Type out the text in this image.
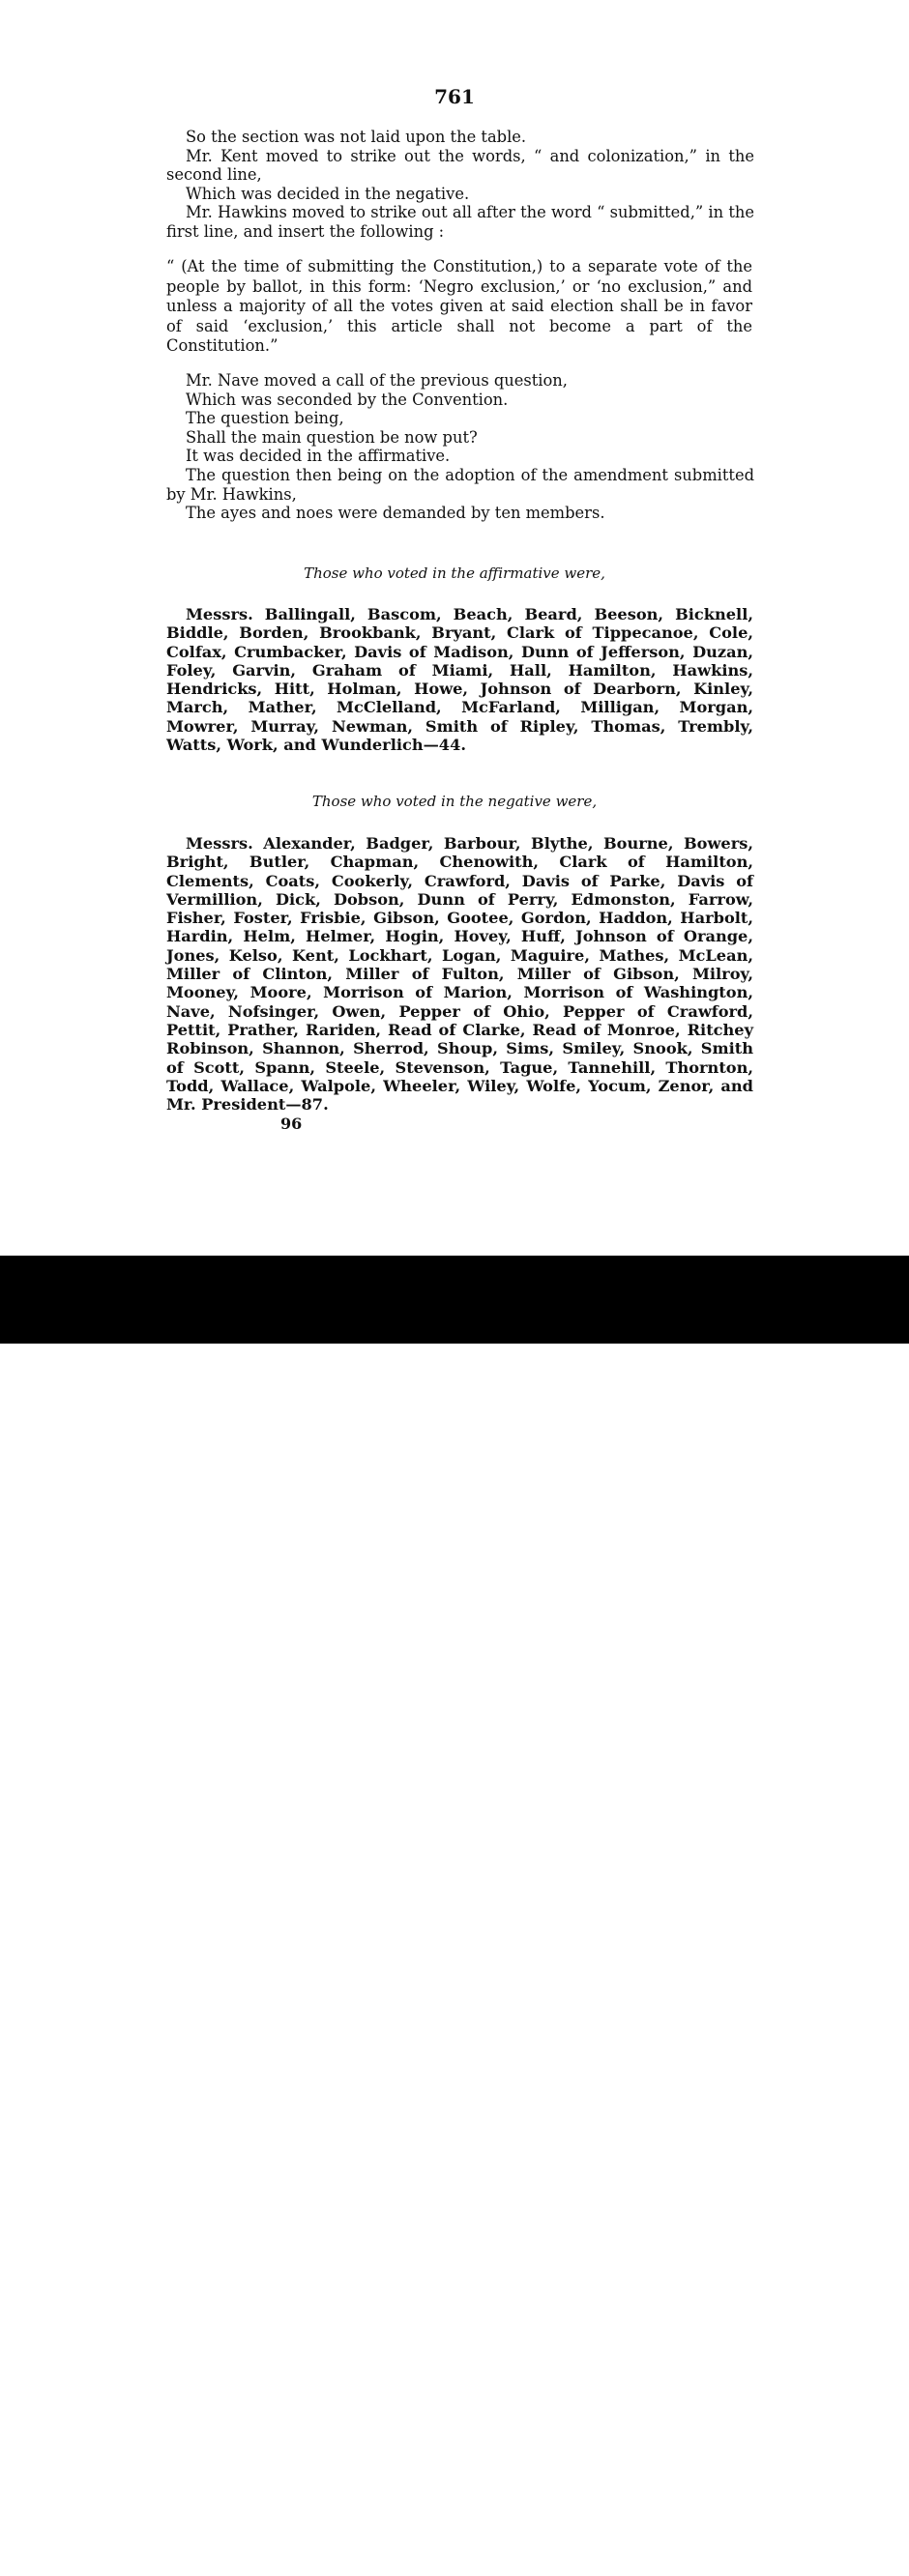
761

So the section was not laid upon the table.

Mr. Kent moved to strike out the words, “ and colonization,” in the second line,

Which was decided in the negative.

Mr. Hawkins moved to strike out all after the word “ submitted,” in the first line, and insert the following :

“ (At the time of submitting the Constitution,) to a separate vote of the people by ballot, in this form: ‘Negro exclusion,’ or ‘no exclusion,” and unless a majority of all the votes given at said election shall be in favor of said ‘exclusion,’ this article shall not become a part of the Constitution.”

Mr. Nave moved a call of the previous question,

Which was seconded by the Convention.

The question being,

Shall the main question be now put?

It was decided in the affirmative.

The question then being on the adoption of the amendment submitted by Mr. Hawkins,

The ayes and noes were demanded by ten members.

Those who voted in the affirmative were,

Messrs. Ballingall, Bascom, Beach, Beard, Beeson, Bicknell, Biddle, Borden, Brookbank, Bryant, Clark of Tippecanoe, Cole, Colfax, Crumbacker, Davis of Madison, Dunn of Jefferson, Duzan, Foley, Garvin, Graham of Miami, Hall, Hamilton, Hawkins, Hendricks, Hitt, Holman, Howe, Johnson of Dearborn, Kinley, March, Mather, McClelland, McFarland, Milligan, Morgan, Mowrer, Murray, Newman, Smith of Ripley, Thomas, Trembly, Watts, Work, and Wunderlich—44.

Those who voted in the negative were,

Messrs. Alexander, Badger, Barbour, Blythe, Bourne, Bowers, Bright, Butler, Chapman, Chenowith, Clark of Hamilton, Clements, Coats, Cookerly, Crawford, Davis of Parke, Davis of Vermillion, Dick, Dobson, Dunn of Perry, Edmonston, Farrow, Fisher, Foster, Frisbie, Gibson, Gootee, Gordon, Haddon, Harbolt, Hardin, Helm, Helmer, Hogin, Hovey, Huff, Johnson of Orange, Jones, Kelso, Kent, Lockhart, Logan, Maguire, Mathes, McLean, Miller of Clinton, Miller of Fulton, Miller of Gibson, Milroy, Mooney, Moore, Morrison of Marion, Morrison of Washington, Nave, Nofsinger, Owen, Pepper of Ohio, Pepper of Crawford, Pettit, Prather, Rariden, Read of Clarke, Read of Monroe, Ritchey Robinson, Shannon, Sherrod, Shoup, Sims, Smiley, Snook, Smith of Scott, Spann, Steele, Stevenson, Tague, Tannehill, Thornton, Todd, Wallace, Walpole, Wheeler, Wiley, Wolfe, Yocum, Zenor, and Mr. President—87.

96
alamy	Image ID: 3BFY024
www.alamy.com
